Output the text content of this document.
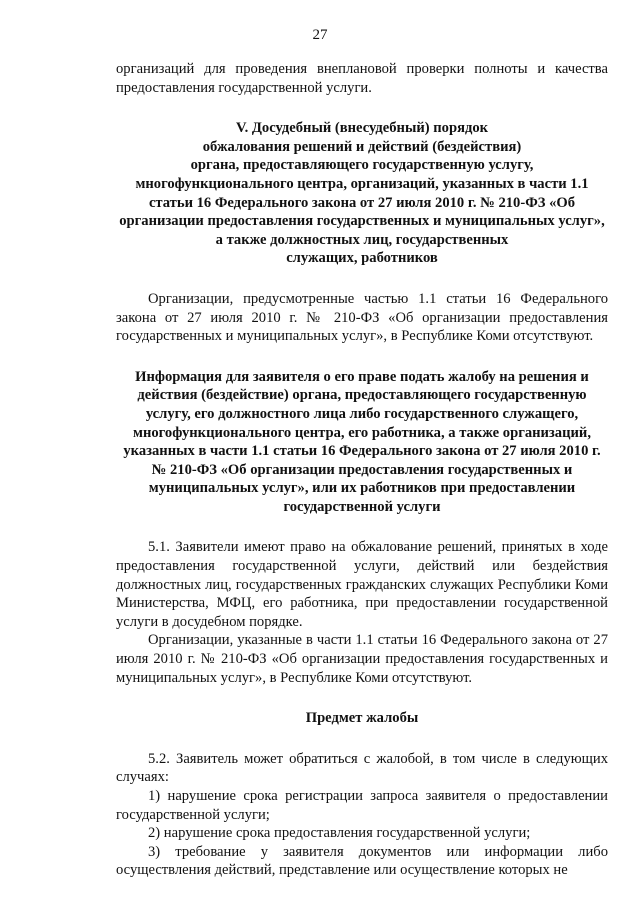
27

организаций для проведения внеплановой проверки полноты и качества предоставления государственной услуги.

V. Досудебный (внесудебный) порядок
обжалования решений и действий (бездействия)
органа, предоставляющего государственную услугу,
многофункционального центра, организаций, указанных в части 1.1
статьи 16 Федерального закона от 27 июля 2010 г. № 210-ФЗ «Об
организации предоставления государственных и муниципальных услуг»,
а также должностных лиц, государственных
служащих, работников

Организации, предусмотренные частью 1.1 статьи 16 Федерального закона от 27 июля 2010 г. № 210-ФЗ «Об организации предоставления государственных и муниципальных услуг», в Республике Коми отсутствуют.

Информация для заявителя о его праве подать жалобу на решения и
действия (бездействие) органа, предоставляющего государственную
услугу, его должностного лица либо государственного служащего,
многофункционального центра, его работника, а также организаций,
указанных в части 1.1 статьи 16 Федерального закона от 27 июля 2010 г.
№ 210-ФЗ «Об организации предоставления государственных и
муниципальных услуг», или их работников при предоставлении
государственной услуги

5.1. Заявители имеют право на обжалование решений, принятых в ходе предоставления государственной услуги, действий или бездействия должностных лиц, государственных гражданских служащих Республики Коми Министерства, МФЦ, его работника, при предоставлении государственной услуги в досудебном порядке.

Организации, указанные в части 1.1 статьи 16 Федерального закона от 27 июля 2010 г. № 210-ФЗ «Об организации предоставления государственных и муниципальных услуг», в Республике Коми отсутствуют.

Предмет жалобы

5.2. Заявитель может обратиться с жалобой, в том числе в следующих случаях:

1) нарушение срока регистрации запроса заявителя о предоставлении государственной услуги;

2) нарушение срока предоставления государственной услуги;

3) требование у заявителя документов или информации либо осуществления действий, представление или осуществление которых не
